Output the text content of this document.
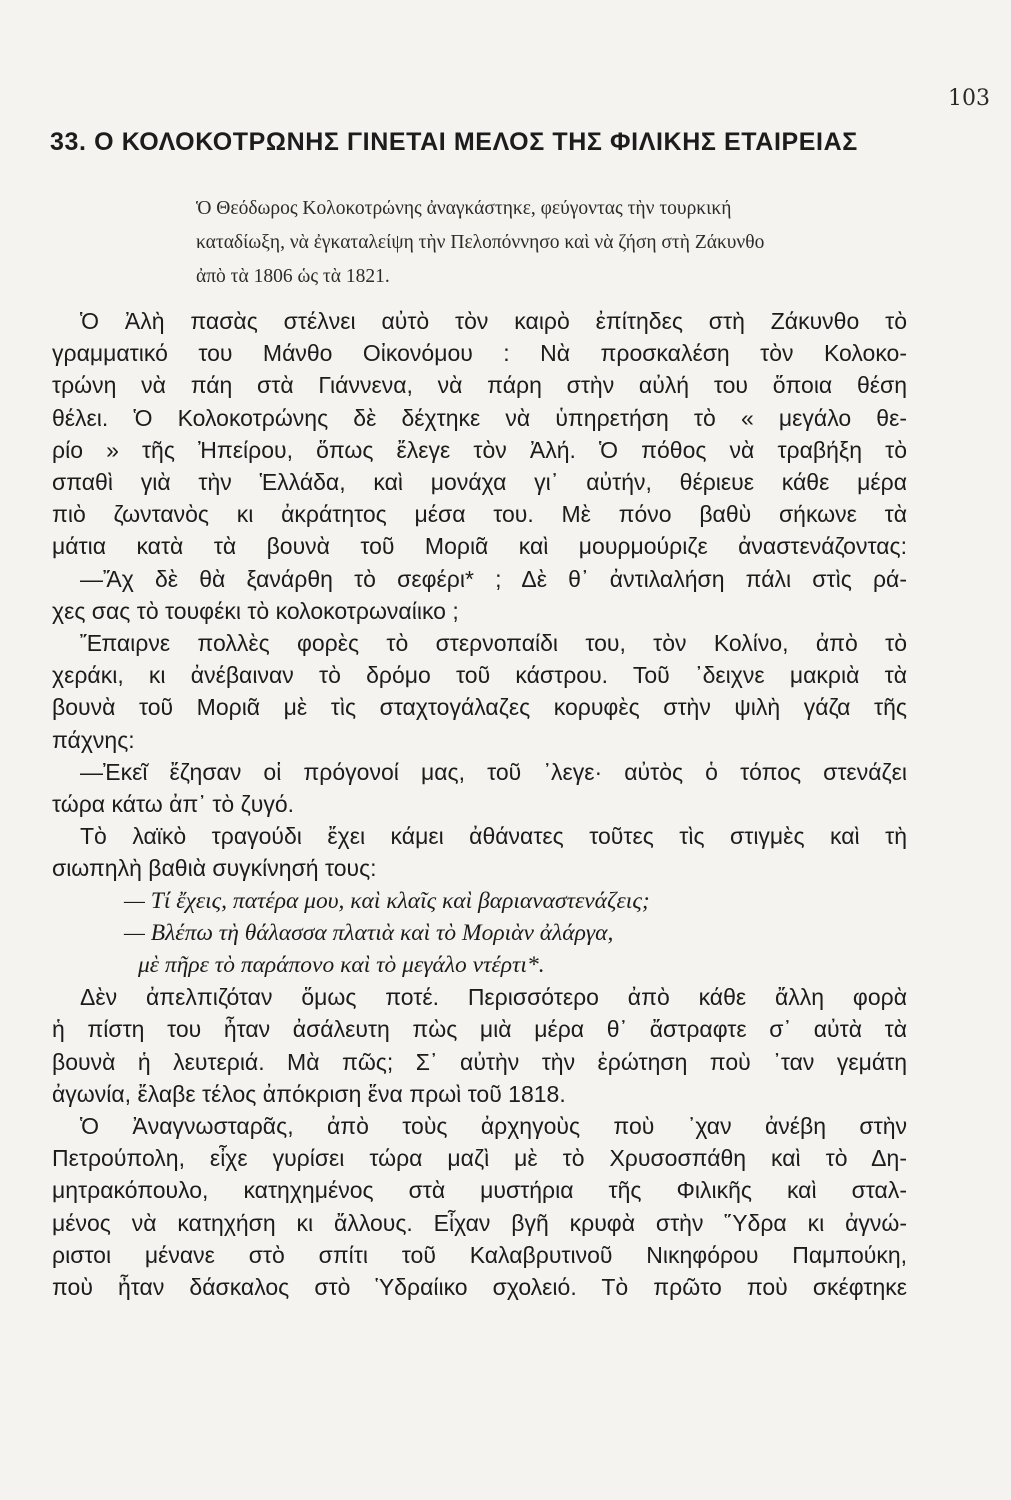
103
33. Ο ΚΟΛΟΚΟΤΡΩΝΗΣ ΓΙΝΕΤΑΙ ΜΕΛΟΣ ΤΗΣ ΦΙΛΙΚΗΣ ΕΤΑΙΡΕΙΑΣ
Ὁ Θεόδωρος Κολοκοτρώνης ἀναγκάστηκε, φεύγοντας τὴν τουρκική
καταδίωξη, νὰ ἐγκαταλείψη τὴν Πελοπόννησο καὶ νὰ ζήση στὴ Ζάκυνθο
ἀπὸ τὰ 1806 ὡς τὰ 1821.
Ὁ Ἀλὴ πασὰς στέλνει αὐτὸ τὸν καιρὸ ἐπίτηδες στὴ Ζάκυνθο τὸ
γραμματικό του Μάνθο Οἰκονόμου : Νὰ προσκαλέση τὸν Κολοκο-
τρώνη νὰ πάη στὰ Γιάννενα, νὰ πάρη στὴν αὐλή του ὅποια θέση
θέλει. Ὁ Κολοκοτρώνης δὲ δέχτηκε νὰ ὑπηρετήση τὸ « μεγάλο θε-
ρίο » τῆς Ἠπείρου, ὅπως ἔλεγε τὸν Ἀλή. Ὁ πόθος νὰ τραβήξη τὸ
σπαθὶ γιὰ τὴν Ἑλλάδα, καὶ μονάχα γι᾿ αὐτήν, θέριευε κάθε μέρα
πιὸ ζωντανὸς κι ἀκράτητος μέσα του. Μὲ πόνο βαθὺ σήκωνε τὰ
μάτια κατὰ τὰ βουνὰ τοῦ Μοριᾶ καὶ μουρμούριζε ἀναστενάζοντας:
—Ἄχ δὲ θὰ ξανάρθη τὸ σεφέρι* ; Δὲ θ᾿ ἀντιλαλήση πάλι στὶς ρά-
χες σας τὸ τουφέκι τὸ κολοκοτρωναίικο ;
Ἔπαιρνε πολλὲς φορὲς τὸ στερνοπαίδι του, τὸν Κολίνο, ἀπὸ τὸ
χεράκι, κι ἀνέβαιναν τὸ δρόμο τοῦ κάστρου. Τοῦ ᾿δειχνε μακριὰ τὰ
βουνὰ τοῦ Μοριᾶ μὲ τὶς σταχτογάλαζες κορυφὲς στὴν ψιλὴ γάζα τῆς
πάχνης:
—Ἐκεῖ ἔζησαν οἱ πρόγονοί μας, τοῦ ᾿λεγε· αὐτὸς ὁ τόπος στενάζει
τώρα κάτω ἀπ᾿ τὸ ζυγό.
Τὸ λαϊκὸ τραγούδι ἔχει κάμει ἀθάνατες τοῦτες τὶς στιγμὲς καὶ τὴ
σιωπηλὴ βαθιὰ συγκίνησή τους:
— Τί ἔχεις, πατέρα μου, καὶ κλαῖς καὶ βαριαναστενάζεις;
— Βλέπω τὴ θάλασσα πλατιὰ καὶ τὸ Μοριὰν ἀλάργα,
μὲ πῆρε τὸ παράπονο καὶ τὸ μεγάλο ντέρτι*.
Δὲν ἀπελπιζόταν ὅμως ποτέ. Περισσότερο ἀπὸ κάθε ἄλλη φορὰ
ἡ πίστη του ἦταν ἀσάλευτη πὼς μιὰ μέρα θ᾿ ἄστραφτε σ᾿ αὐτὰ τὰ
βουνὰ ἡ λευτεριά. Μὰ πῶς; Σ᾿ αὐτὴν τὴν ἐρώτηση ποὺ ᾿ταν γεμάτη
ἀγωνία, ἔλαβε τέλος ἀπόκριση ἕνα πρωὶ τοῦ 1818.
Ὁ Ἀναγνωσταρᾶς, ἀπὸ τοὺς ἀρχηγοὺς ποὺ ᾿χαν ἀνέβη στὴν
Πετρούπολη, εἶχε γυρίσει τώρα μαζὶ μὲ τὸ Χρυσοσπάθη καὶ τὸ Δη-
μητρακόπουλο, κατηχημένος στὰ μυστήρια τῆς Φιλικῆς καὶ σταλ-
μένος νὰ κατηχήση κι ἄλλους. Εἶχαν βγῆ κρυφὰ στὴν Ὕδρα κι ἀγνώ-
ριστοι μένανε στὸ σπίτι τοῦ Καλαβρυτινοῦ Νικηφόρου Παμπούκη,
ποὺ ἦταν δάσκαλος στὸ Ὑδραίικο σχολειό. Τὸ πρῶτο ποὺ σκέφτηκε
